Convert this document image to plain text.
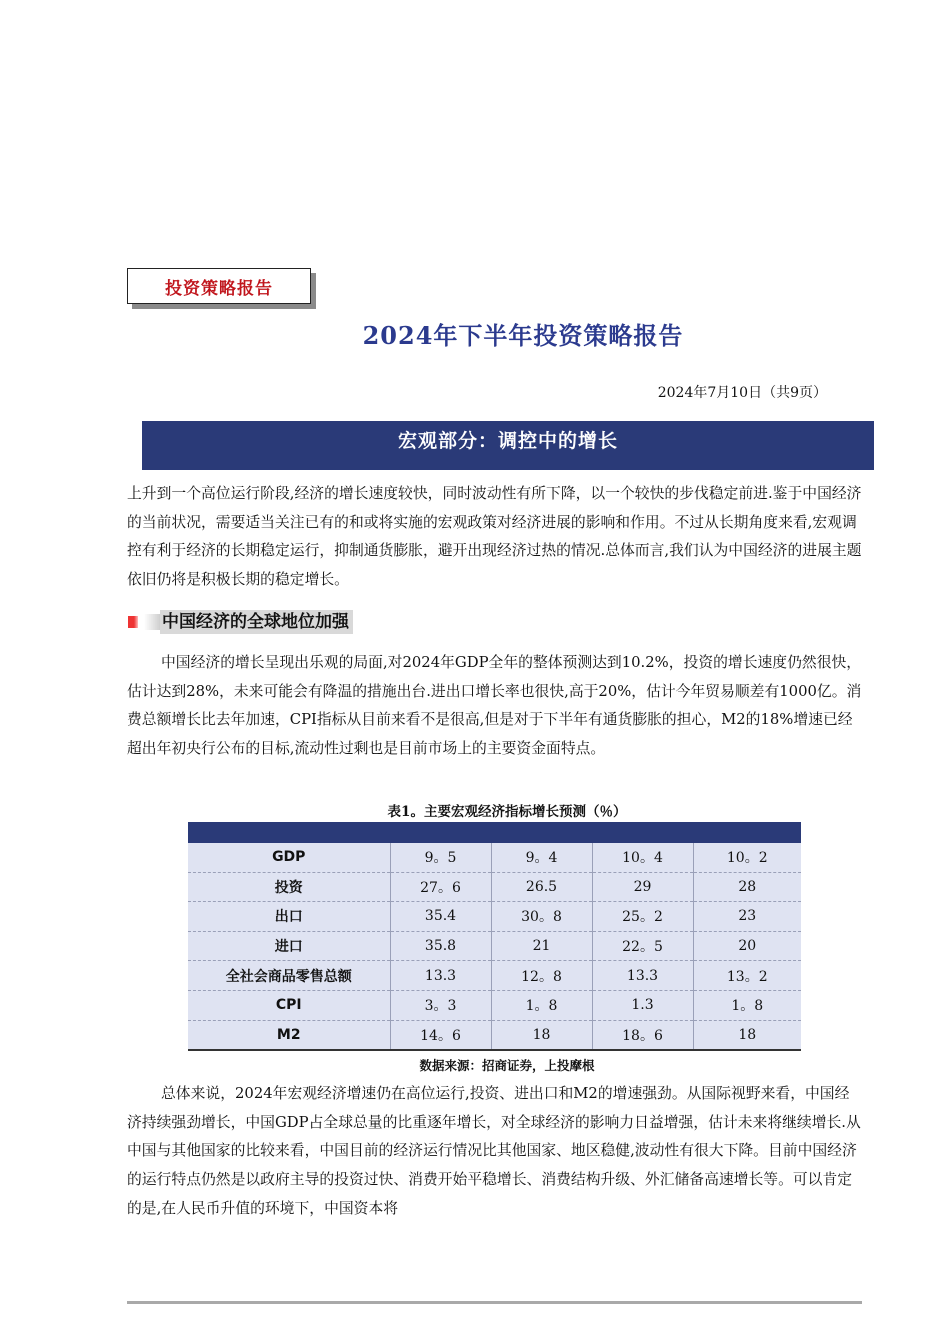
投资策略报告
2024年下半年投资策略报告
2024年7月10日（共9页）
宏观部分：调控中的增长
上升到一个高位运行阶段,经济的增长速度较快，同时波动性有所下降，以一个较快的步伐稳定前进.鉴于中国经济的当前状况，需要适当关注已有的和或将实施的宏观政策对经济进展的影响和作用。不过从长期角度来看,宏观调控有利于经济的长期稳定运行，抑制通货膨胀，避开出现经济过热的情况.总体而言,我们认为中国经济的进展主题依旧仍将是积极长期的稳定增长。
中国经济的全球地位加强
中国经济的增长呈现出乐观的局面,对2024年GDP全年的整体预测达到10.2%，投资的增长速度仍然很快，估计达到28%，未来可能会有降温的措施出台.进出口增长率也很快,高于20%，估计今年贸易顺差有1000亿。消费总额增长比去年加速，CPI指标从目前来看不是很高,但是对于下半年有通货膨胀的担心，M2的18%增速已经超出年初央行公布的目标,流动性过剩也是目前市场上的主要资金面特点。
表1。主要宏观经济指标增长预测（％）

GDP	9。5	9。4	10。4	10。2
投资	27。6	26.5	29	28
出口	35.4	30。8	25。2	23
进口	35.8	21	22。5	20
全社会商品零售总额	13.3	12。8	13.3	13。2
CPI	3。3	1。8	1.3	1。8
M2	14。6	18	18。6	18
数据来源：招商证券，上投摩根
总体来说，2024年宏观经济增速仍在高位运行,投资、进出口和M2的增速强劲。从国际视野来看，中国经济持续强劲增长，中国GDP占全球总量的比重逐年增长，对全球经济的影响力日益增强，估计未来将继续增长.从中国与其他国家的比较来看，中国目前的经济运行情况比其他国家、地区稳健,波动性有很大下降。目前中国经济的运行特点仍然是以政府主导的投资过快、消费开始平稳增长、消费结构升级、外汇储备高速增长等。可以肯定的是,在人民币升值的环境下，中国资本将
